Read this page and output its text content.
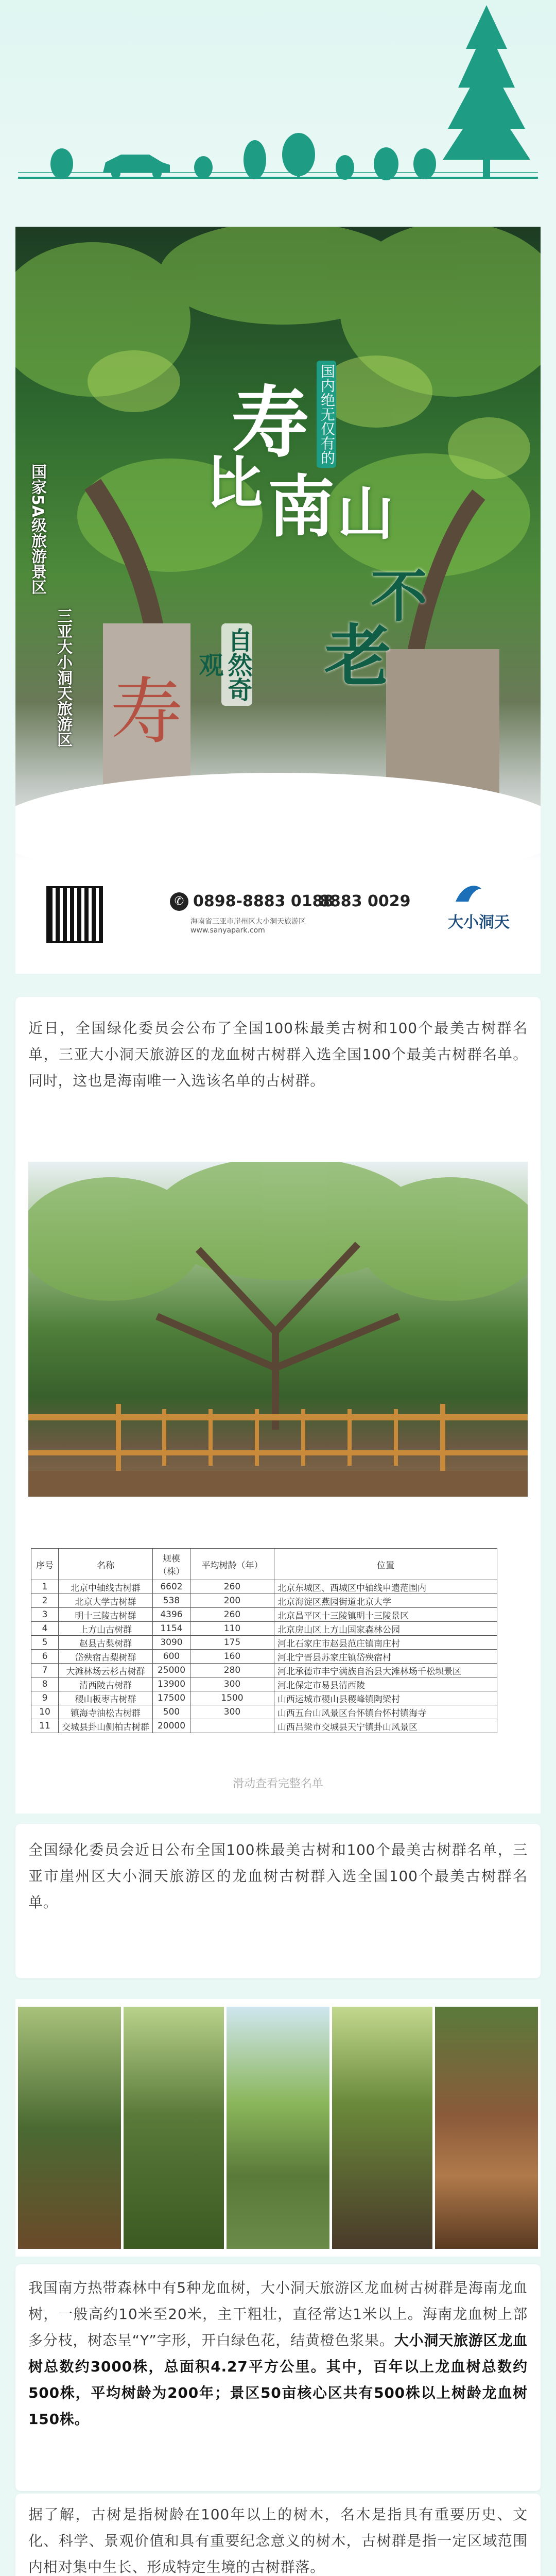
寿
国内绝无仅有的
寿
比 南 山
不
老
自然奇观
国家5A级旅游景区
三亚大小洞天旅游区
✆ 0898-8883 0188
8883 0029
海南省三亚市崖州区大小洞天旅游区
www.sanyapark.com	大小洞天

近日，全国绿化委员会公布了全国100株最美古树和100个最美古树群名单，三亚大小洞天旅游区的龙血树古树群入选全国100个最美古树群名单。同时，这也是海南唯一入选该名单的古树群。

序号	名称	规模（株）	平均树龄（年）	位置
1	北京中轴线古树群	6602	260	北京东城区、西城区中轴线申遗范围内
2	北京大学古树群	538	200	北京海淀区燕园街道北京大学
3	明十三陵古树群	4396	260	北京昌平区十三陵镇明十三陵景区
4	上方山古树群	1154	110	北京房山区上方山国家森林公园
5	赵县古梨树群	3090	175	河北石家庄市赵县范庄镇南庄村
6	岱殃宿古梨树群	600	160	河北宁晋县苏家庄镇岱殃宿村
7	大滩林场云杉古树群	25000	280	河北承德市丰宁满族自治县大滩林场千松坝景区
8	清西陵古树群	13900	300	河北保定市易县清西陵
9	稷山板枣古树群	17500	1500	山西运城市稷山县稷峰镇陶梁村
10	镇海寺油松古树群	500	300	山西五台山风景区台怀镇台怀村镇海寺
11	交城县卦山侧柏古树群	20000		山西吕梁市交城县天宁镇卦山风景区
滑动查看完整名单

全国绿化委员会近日公布全国100株最美古树和100个最美古树群名单，三亚市崖州区大小洞天旅游区的龙血树古树群入选全国100个最美古树群名单。

我国南方热带森林中有5种龙血树，大小洞天旅游区龙血树古树群是海南龙血树，一般高约10米至20米，主干粗壮，直径常达1米以上。海南龙血树上部多分枝，树态呈“Y”字形，开白绿色花，结黄橙色浆果。大小洞天旅游区龙血树总数约3000株，总面积4.27平方公里。其中，百年以上龙血树总数约500株，平均树龄为200年；景区50亩核心区共有500株以上树龄龙血树150株。

据了解，古树是指树龄在100年以上的树木，名木是指具有重要历史、文化、科学、景观价值和具有重要纪念意义的树木，古树群是指一定区域范围内相对集中生长、形成特定生境的古树群落。
